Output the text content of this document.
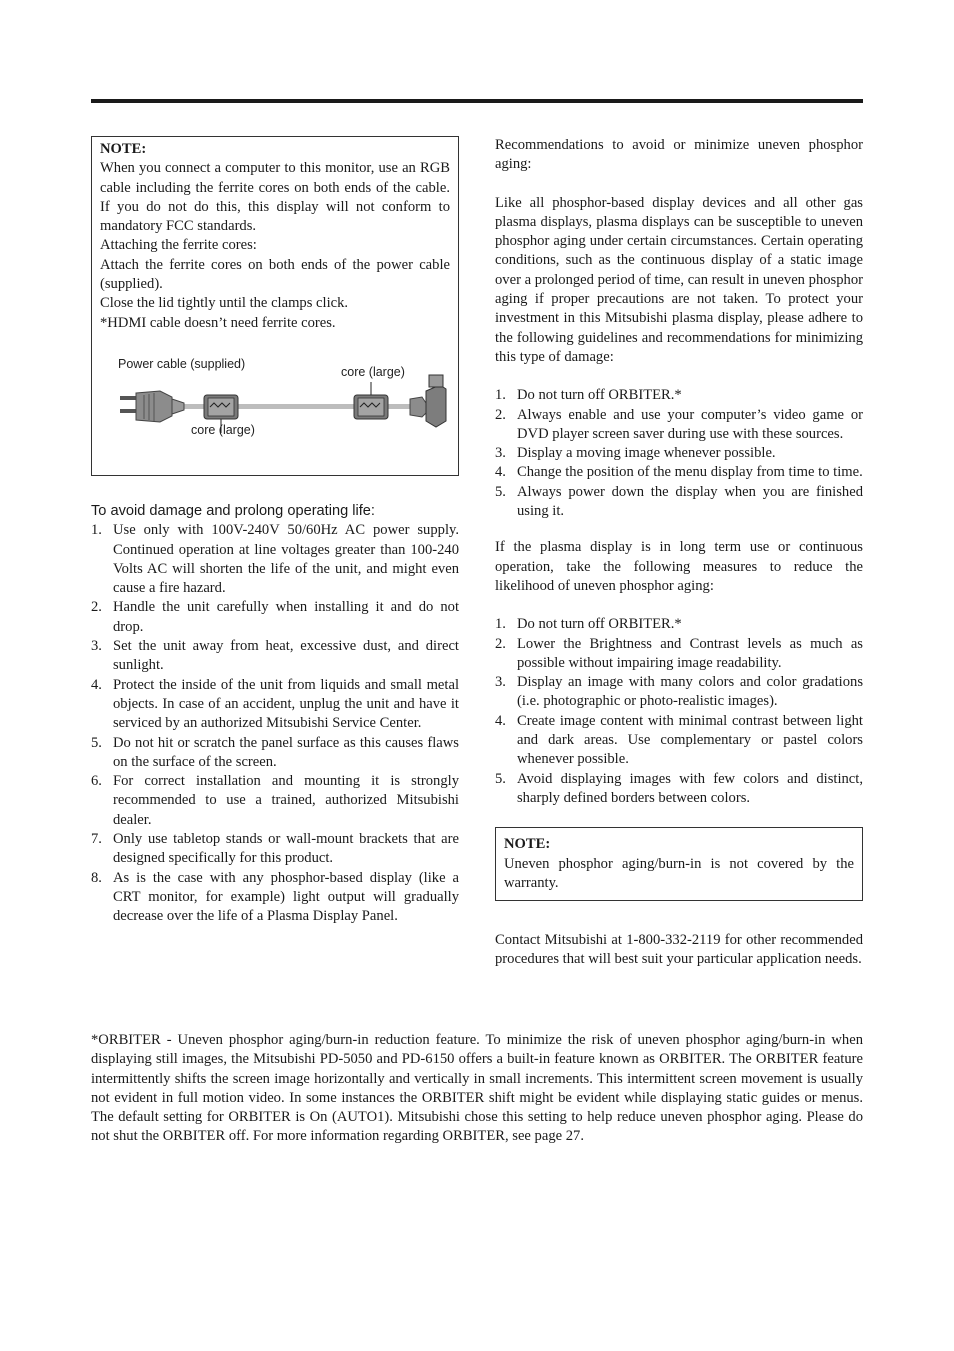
NOTE:

When you connect a computer to this monitor, use an RGB cable including the ferrite cores on both ends of the cable. If you do not do this, this display will not conform to mandatory FCC standards.

Attaching the ferrite cores:

Attach the ferrite cores on both ends of the power cable (supplied).

Close the lid tightly until the clamps click.

*HDMI cable doesn’t need ferrite cores.

Power cable (supplied)
core (large)
core (large)

To avoid damage and prolong operating life:

1. Use only with 100V-240V 50/60Hz AC power supply. Continued operation at line voltages greater than 100-240 Volts AC will shorten the life of the unit, and might even cause a fire hazard.
2. Handle the unit carefully when installing it and do not drop.
3. Set the unit away from heat, excessive dust, and direct sunlight.
4. Protect the inside of the unit from liquids and small metal objects. In case of an accident, unplug the unit and have it serviced by an authorized Mitsubishi Service Center.
5. Do not hit or scratch the panel surface as this causes flaws on the surface of the screen.
6. For correct installation and mounting it is strongly recommended to use a trained, authorized Mitsubishi dealer.
7. Only use tabletop stands or wall-mount brackets that are designed specifically for this product.
8. As is the case with any phosphor-based display (like a CRT monitor, for example) light output will gradually decrease over the life of a Plasma Display Panel.

Recommendations to avoid or minimize uneven phosphor aging:

Like all phosphor-based display devices and all other gas plasma displays, plasma displays can be susceptible to uneven phosphor aging under certain circumstances. Certain operating conditions, such as the continuous display of a static image over a prolonged period of time, can result in uneven phosphor aging if proper precautions are not taken. To protect your investment in this Mitsubishi plasma display, please adhere to the following guidelines and recommendations for minimizing this type of damage:

1. Do not turn off ORBITER.*
2. Always enable and use your computer’s video game or DVD player screen saver during use with these sources.
3. Display a moving image whenever possible.
4. Change the position of the menu display from time to time.
5. Always power down the display when you are finished using it.

If the plasma display is in long term use or continuous operation, take the following measures to reduce the likelihood of uneven phosphor aging:

1. Do not turn off ORBITER.*
2. Lower the Brightness and Contrast levels as much as possible without impairing image readability.
3. Display an image with many colors and color gradations (i.e. photographic or photo-realistic images).
4. Create image content with minimal contrast between light and dark areas. Use complementary or pastel colors whenever possible.
5. Avoid displaying images with few colors and distinct, sharply defined borders between colors.

NOTE:

Uneven phosphor aging/burn-in is not covered by the warranty.

Contact Mitsubishi at 1-800-332-2119 for other recommended procedures that will best suit your particular application needs.

*ORBITER - Uneven phosphor aging/burn-in reduction feature. To minimize the risk of uneven phosphor aging/burn-in when displaying still images, the Mitsubishi PD-5050 and PD-6150 offers a built-in feature known as ORBITER. The ORBITER feature intermittently shifts the screen image horizontally and vertically in small increments. This intermittent screen movement is usually not evident in full motion video. In some instances the ORBITER shift might be evident while displaying static guides or menus. The default setting for ORBITER is On (AUTO1). Mitsubishi chose this setting to help reduce uneven phosphor aging. Please do not shut the ORBITER off. For more information regarding ORBITER, see page 27.
